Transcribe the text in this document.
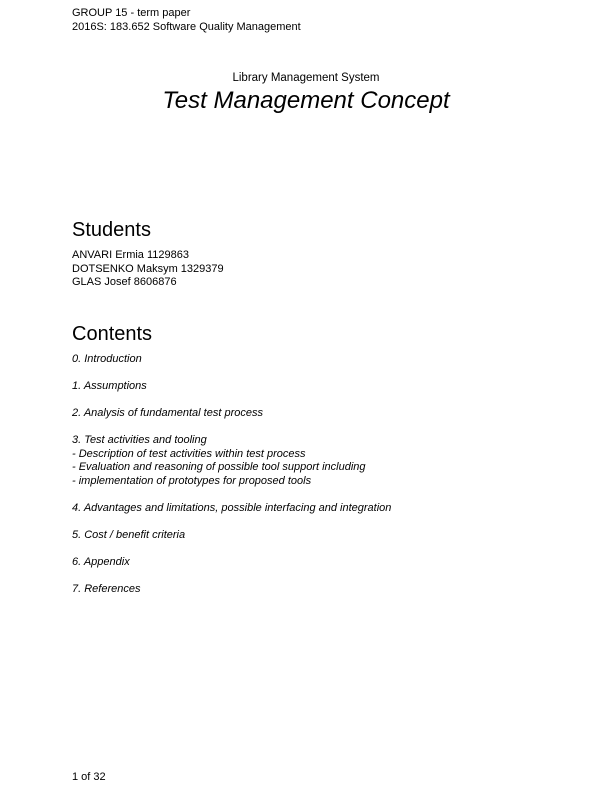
GROUP 15 - term paper
2016S: 183.652 Software Quality Management
Library Management System
Test Management Concept
Students
ANVARI Ermia 1129863
DOTSENKO Maksym 1329379
GLAS Josef 8606876
Contents
0. Introduction
1. Assumptions
2. Analysis of fundamental test process
3. Test activities and tooling
- Description of test activities within test process
- Evaluation and reasoning of possible tool support including
- implementation of prototypes for proposed tools
4. Advantages and limitations, possible interfacing and integration
5. Cost / benefit criteria
6. Appendix
7. References
1 of 32
